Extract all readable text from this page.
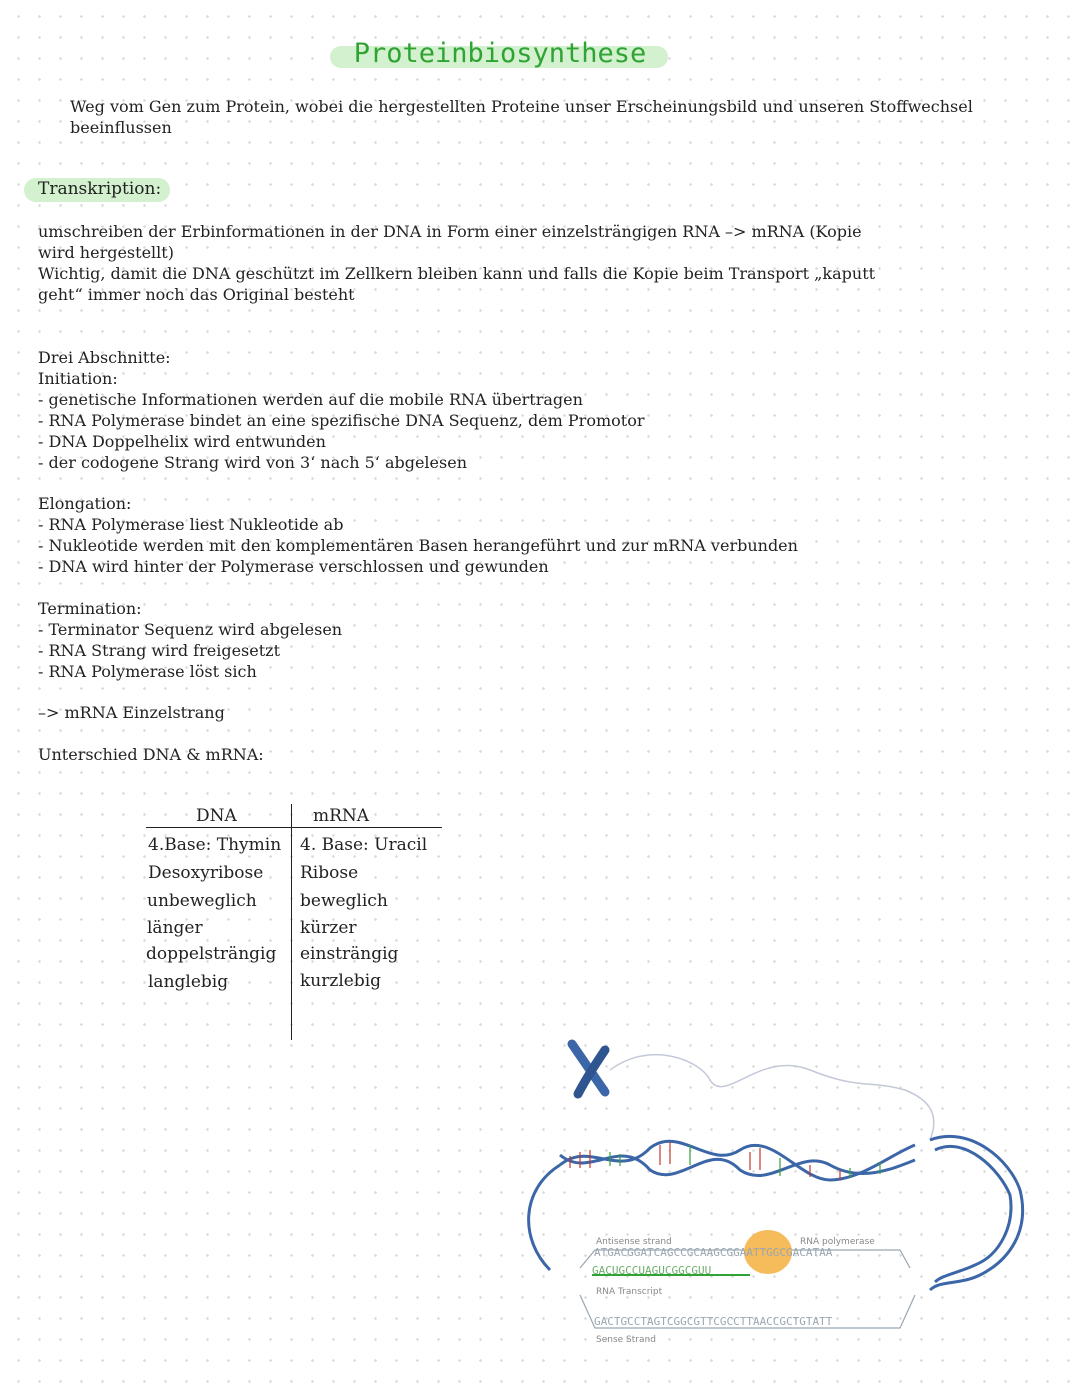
Proteinbiosynthese
Weg vom Gen zum Protein, wobei die hergestellten Proteine unser Erscheinungsbild und unseren Stoffwechsel
beeinflussen
Transkription:
umschreiben der Erbinformationen in der DNA in Form einer einzelsträngigen RNA –> mRNA (Kopie
wird hergestellt)
Wichtig, damit die DNA geschützt im Zellkern bleiben kann und falls die Kopie beim Transport „kaputt
geht“ immer noch das Original besteht
Drei Abschnitte:
Initiation:
- genetische Informationen werden auf die mobile RNA übertragen
- RNA Polymerase bindet an eine spezifische DNA Sequenz, dem Promotor
- DNA Doppelhelix wird entwunden
- der codogene Strang wird von 3‘ nach 5‘ abgelesen
Elongation:
- RNA Polymerase liest Nukleotide ab
- Nukleotide werden mit den komplementären Basen herangeführt und zur mRNA verbunden
- DNA wird hinter der Polymerase verschlossen und gewunden
Termination:
- Terminator Sequenz wird abgelesen
- RNA Strang wird freigesetzt
- RNA Polymerase löst sich
–> mRNA Einzelstrang
Unterschied DNA & mRNA:
DNA	mRNA
4.Base: Thymin 4. Base: Uracil
Desoxyribose Ribose
unbeweglich	beweglich
länger	kürzer
doppelsträngig einsträngig
langlebig	kurzlebig
Antisense strand
ATGACGGATCAGCCGCAAGCGGAATTGGCGACATAA
GACUGCCUAGUCGGCGUU
RNA polymerase
RNA Transcript
GACTGCCTAGTCGGCGTTCGCCTTAACCGCTGTATT
Sense Strand
